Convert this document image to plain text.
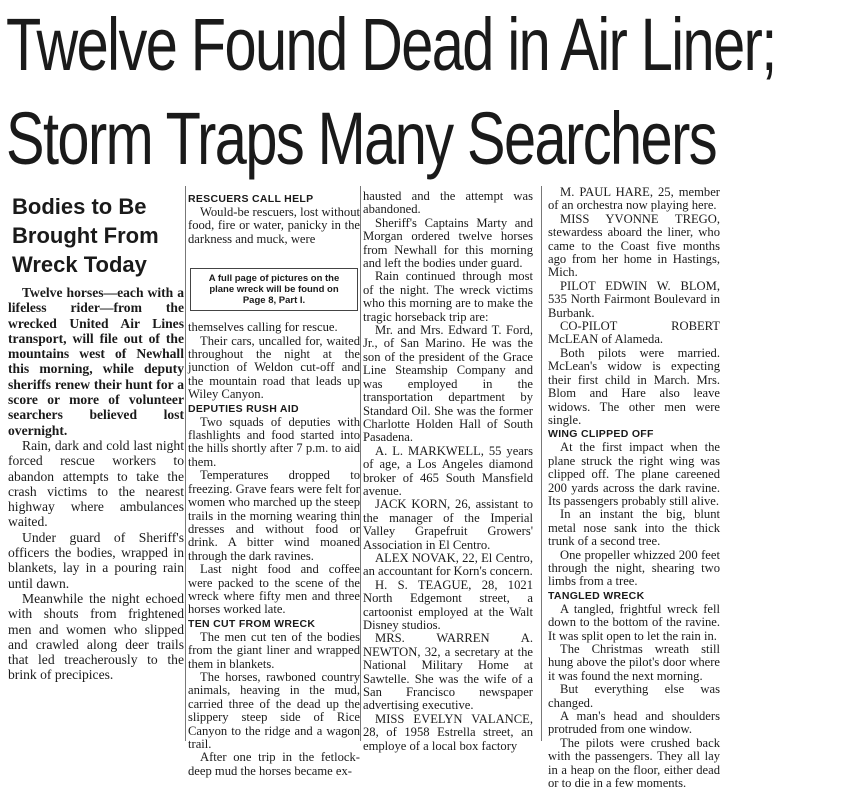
Twelve Found Dead in Air Liner;
Storm Traps Many Searchers
Bodies to Be
Brought From
Wreck Today

Twelve horses—each with a lifeless rider—from the wrecked United Air Lines transport, will file out of the mountains west of Newhall this morning, while deputy sheriffs renew their hunt for a score or more of volunteer searchers believed lost overnight.

Rain, dark and cold last night forced rescue workers to abandon attempts to take the crash victims to the nearest highway where ambulances waited.

Under guard of Sheriff's officers the bodies, wrapped in blankets, lay in a pouring rain until dawn.

Meanwhile the night echoed with shouts from frightened men and women who slipped and crawled along deer trails that led treacherously to the brink of precipices.

RESCUERS CALL HELP

Would-be rescuers, lost without food, fire or water, panicky in the darkness and muck, were

A full page of pictures on the plane wreck will be found on Page 8, Part I.

themselves calling for rescue.

Their cars, uncalled for, waited throughout the night at the junction of Weldon cut-off and the mountain road that leads up Wiley Canyon.

DEPUTIES RUSH AID

Two squads of deputies with flashlights and food started into the hills shortly after 7 p.m. to aid them.

Temperatures dropped to freezing. Grave fears were felt for women who marched up the steep trails in the morning wearing thin dresses and without food or drink. A bitter wind moaned through the dark ravines.

Last night food and coffee were packed to the scene of the wreck where fifty men and three horses worked late.

TEN CUT FROM WRECK

The men cut ten of the bodies from the giant liner and wrapped them in blankets.

The horses, rawboned country animals, heaving in the mud, carried three of the dead up the slippery steep side of Rice Canyon to the ridge and a wagon trail.

After one trip in the fetlock-deep mud the horses became ex-

hausted and the attempt was abandoned.

Sheriff's Captains Marty and Morgan ordered twelve horses from Newhall for this morning and left the bodies under guard.

Rain continued through most of the night. The wreck victims who this morning are to make the tragic horseback trip are:

Mr. and Mrs. Edward T. Ford, Jr., of San Marino. He was the son of the president of the Grace Line Steamship Company and was employed in the transportation department by Standard Oil. She was the former Charlotte Holden Hall of South Pasadena.

A. L. MARKWELL, 55 years of age, a Los Angeles diamond broker of 465 South Mansfield avenue.

JACK KORN, 26, assistant to the manager of the Imperial Valley Grapefruit Growers' Association in El Centro.

ALEX NOVAK, 22, El Centro, an accountant for Korn's concern.

H. S. TEAGUE, 28, 1021 North Edgemont street, a cartoonist employed at the Walt Disney studios.

MRS. WARREN A. NEWTON, 32, a secretary at the National Military Home at Sawtelle. She was the wife of a San Francisco newspaper advertising executive.

MISS EVELYN VALANCE, 28, of 1958 Estrella street, an employe of a local box factory

M. PAUL HARE, 25, member of an orchestra now playing here.

MISS YVONNE TREGO, stewardess aboard the liner, who came to the Coast five months ago from her home in Hastings, Mich.

PILOT EDWIN W. BLOM, 535 North Fairmont Boulevard in Burbank.

CO-PILOT ROBERT McLEAN of Alameda.

Both pilots were married. McLean's widow is expecting their first child in March. Mrs. Blom and Hare also leave widows. The other men were single.

WING CLIPPED OFF

At the first impact when the plane struck the right wing was clipped off. The plane careened 200 yards across the dark ravine. Its passengers probably still alive.

In an instant the big, blunt metal nose sank into the thick trunk of a second tree.

One propeller whizzed 200 feet through the night, shearing two limbs from a tree.

TANGLED WRECK

A tangled, frightful wreck fell down to the bottom of the ravine. It was split open to let the rain in.

The Christmas wreath still hung above the pilot's door where it was found the next morning.

But everything else was changed.

A man's head and shoulders protruded from one window.

The pilots were crushed back with the passengers. They all lay in a heap on the floor, either dead or to die in a few moments.
